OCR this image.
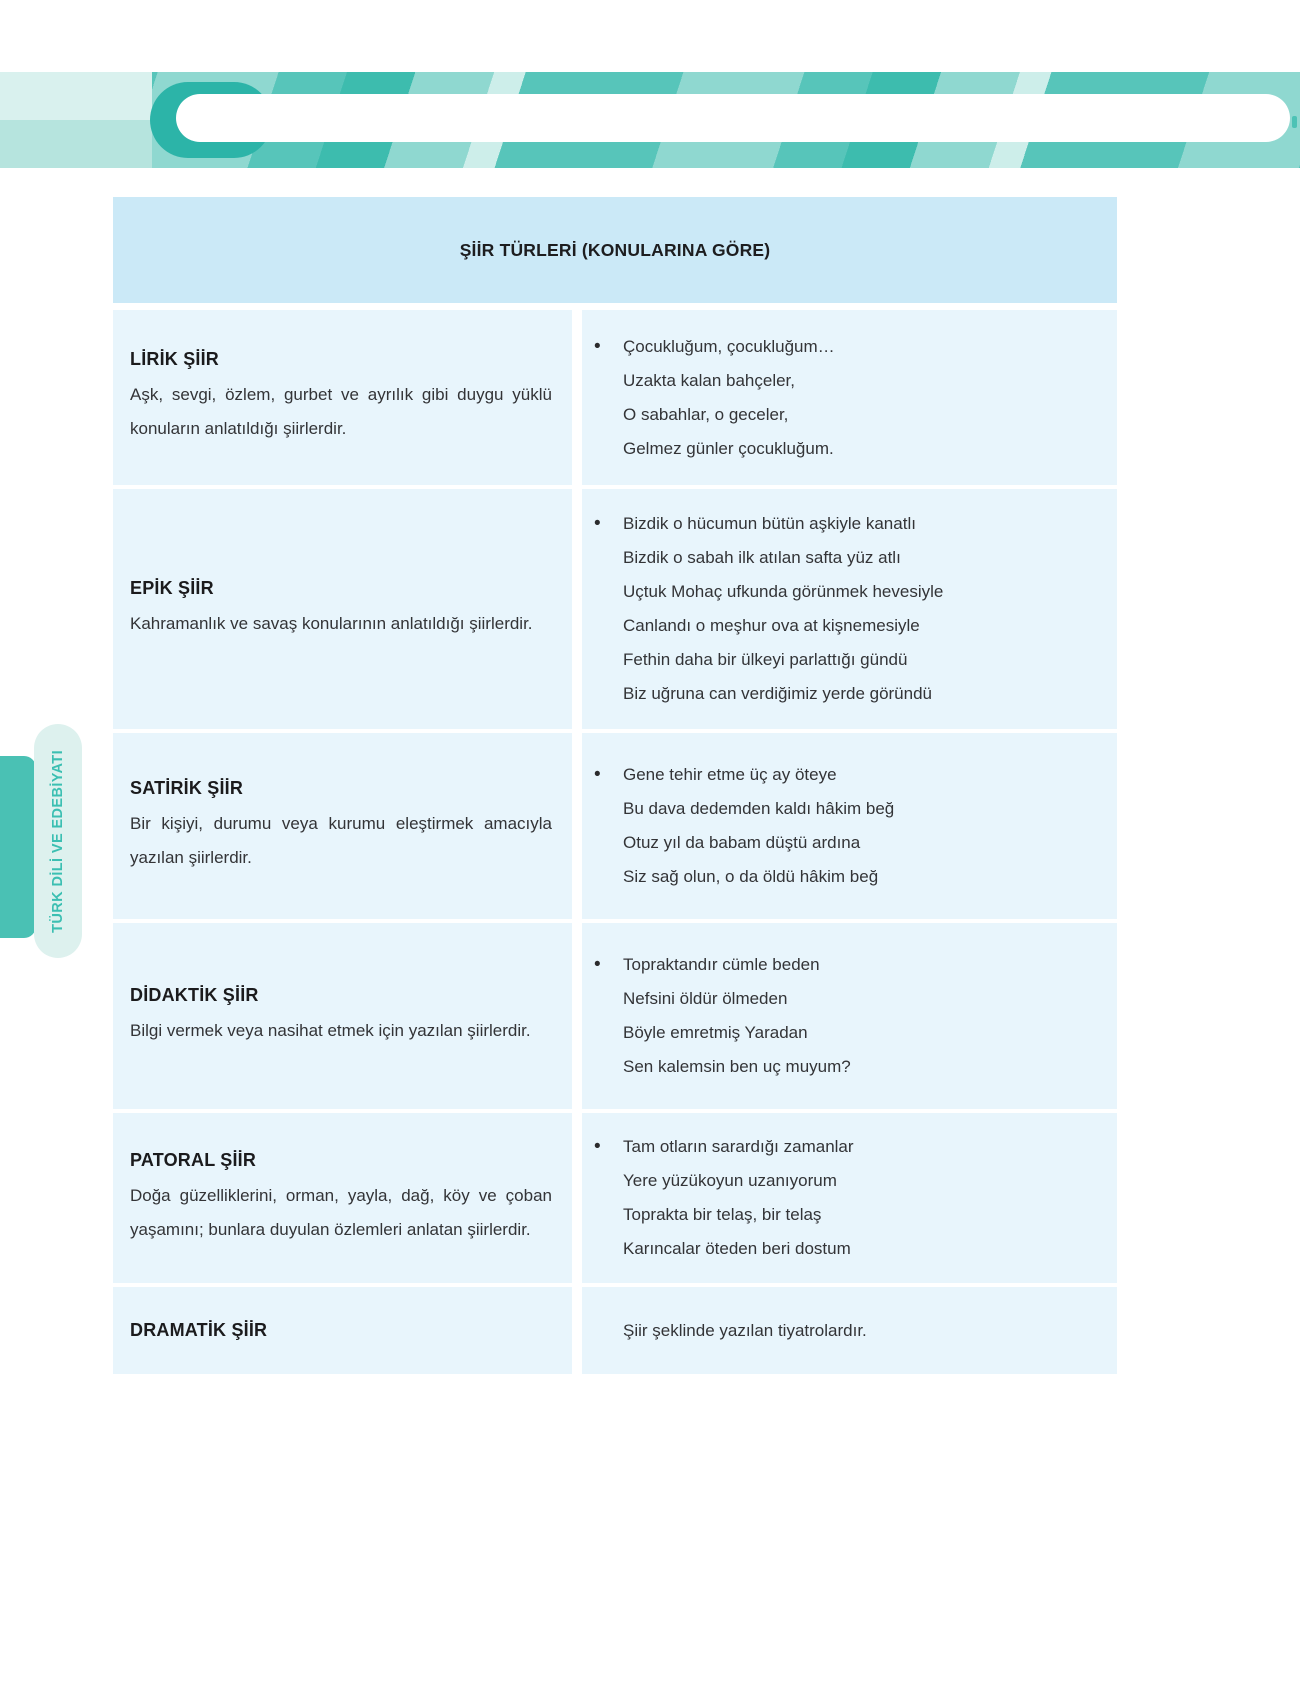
TÜRK DİLİ VE EDEBİYATI
ŞİİR TÜRLERİ (KONULARINA GÖRE)
LİRİK ŞİİR
Aşk, sevgi, özlem, gurbet ve ayrılık gibi duygu yüklü konuların anlatıldığı şiirlerdir.
•	Çocukluğum, çocukluğum…
Uzakta kalan bahçeler,
O sabahlar, o geceler,
Gelmez günler çocukluğum.
EPİK ŞİİR
Kahramanlık ve savaş konularının anlatıldığı şiirlerdir.
•	Bizdik o hücumun bütün aşkiyle kanatlı
Bizdik o sabah ilk atılan safta yüz atlı
Uçtuk Mohaç ufkunda görünmek hevesiyle
Canlandı o meşhur ova at kişnemesiyle
Fethin daha bir ülkeyi parlattığı gündü
Biz uğruna can verdiğimiz yerde göründü
SATİRİK ŞİİR
Bir kişiyi, durumu veya kurumu eleştirmek amacıyla yazılan şiirlerdir.
•	Gene tehir etme üç ay öteye
Bu dava dedemden kaldı hâkim beğ
Otuz yıl da babam düştü ardına
Siz sağ olun, o da öldü hâkim beğ
DİDAKTİK ŞİİR
Bilgi vermek veya nasihat etmek için yazılan şiirlerdir.
•	Topraktandır cümle beden
Nefsini öldür ölmeden
Böyle emretmiş Yaradan
Sen kalemsin ben uç muyum?
PATORAL ŞİİR
Doğa güzelliklerini, orman, yayla, dağ, köy ve çoban yaşamını; bunlara duyulan özlemleri anlatan şiirlerdir.
•	Tam otların sarardığı zamanlar
Yere yüzükoyun uzanıyorum
Toprakta bir telaş, bir telaş
Karıncalar öteden beri dostum
DRAMATİK ŞİİR	Şiir şeklinde yazılan tiyatrolardır.
